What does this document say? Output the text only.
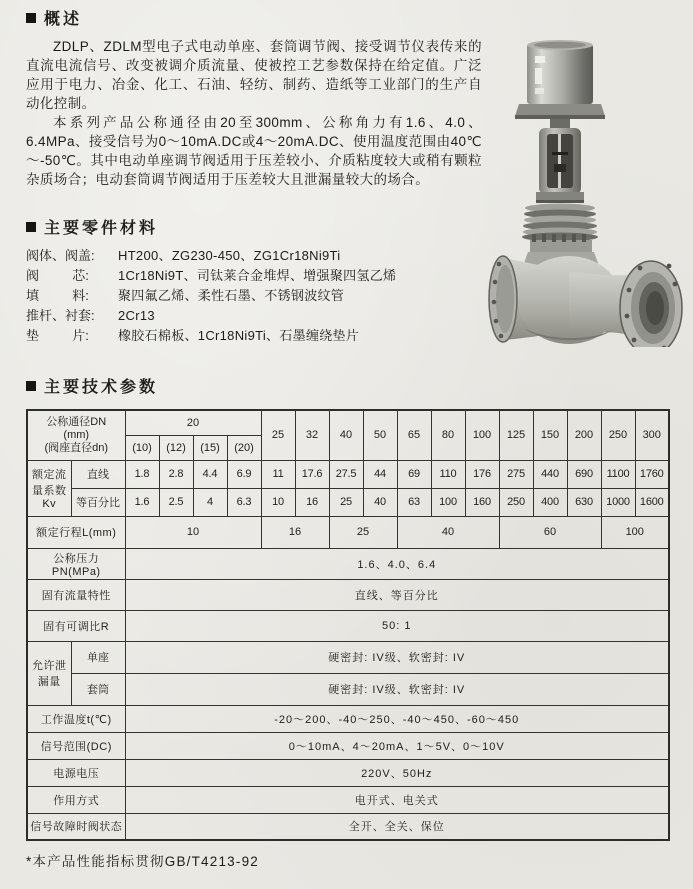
概述

ZDLP、ZDLM型电子式电动单座、套筒调节阀、接受调节仪表传来的直流电流信号、改变被调介质流量、使被控工艺参数保持在给定值。广泛应用于电力、冶金、化工、石油、轻纺、制药、造纸等工业部门的生产自动化控制。

本系列产品公称通径由20至300mm、公称角力有1.6、4.0、6.4MPa、接受信号为0～10mA.DC或4～20mA.DC、使用温度范围由40℃～-50℃。其中电动单座调节阀适用于压差较小、介质粘度较大或稍有颗粒杂质场合；电动套筒调节阀适用于压差较大且泄漏量较大的场合。

主要零件材料
阀体、阀盖:	HT200、ZG230-450、ZG1Cr18Ni9Ti
阀　　  芯:	1Cr18Ni9T、司钛莱合金堆焊、增强聚四氢乙烯
填　　  料:	聚四氟乙烯、柔性石墨、不锈钢波纹管
推杆、衬套:	2Cr13
垫　　  片:	橡胶石棉板、1Cr18Ni9Ti、石墨缠绕垫片
主要技术参数
公称通径DN
(mm)
(阀座直径dn)		20				25	32	40	50	65	80	100	125	150	200	250	300
		(10)	(12)	(15)	(20)												
额定流量系数Kv	直线	1.8	2.8	4.4	6.9	11	17.6	27.5	44	69	110	176	275	440	690	1100	1760
	等百分比	1.6	2.5	4	6.3	10	16	25	40	63	100	160	250	400	630	1000	1600
额定行程L(mm)		10				16		25		40			60			100	
公称压力PN(MPa)		1.6、4.0、6.4															
固有流量特性		直线、等百分比															
固有可调比R		50: 1															
允许泄漏量	单座	硬密封: IV级、软密封: IV															
	套筒	硬密封: IV级、软密封: IV															
工作温度t(℃)		-20～200、-40～250、-40～450、-60～450															
信号范围(DC)		0～10mA、4～20mA、1～5V、0～10V															
电源电压		220V、50Hz															
作用方式		电开式、电关式															
信号故障时阀状态		全开、全关、保位															
*本产品性能指标贯彻GB/T4213-92
